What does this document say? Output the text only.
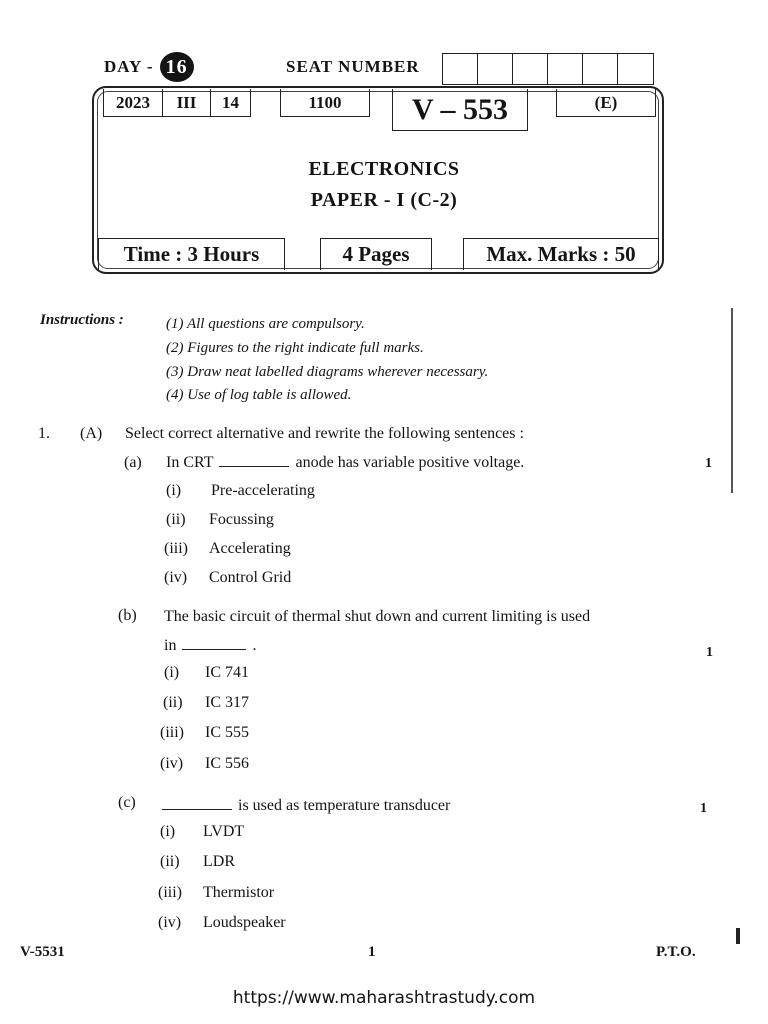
DAY - 16	SEAT NUMBER
2023	III	14	1100	V – 553	(E)
ELECTRONICS
PAPER - I (C-2)
Time : 3 Hours	4 Pages	Max. Marks : 50
Instructions :	(1) All questions are compulsory.
(2) Figures to the right indicate full marks.
(3) Draw neat labelled diagrams wherever necessary.
(4) Use of log table is allowed.
1. (A) Select correct alternative and rewrite the following sentences :
(a) In CRT	anode has variable positive voltage.	1
(i) Pre-accelerating
(ii) Focussing
(iii) Accelerating
(iv) Control Grid
(b) The basic circuit of thermal shut down and current limiting is used
in	.	1
(i) IC 741
(ii) IC 317
(iii) IC 555
(iv) IC 556
(c)	is used as temperature transducer	1
(i) LVDT
(ii) LDR
(iii) Thermistor
(iv) Loudspeaker
V-5531	1	P.T.O.
https://www.maharashtrastudy.com
